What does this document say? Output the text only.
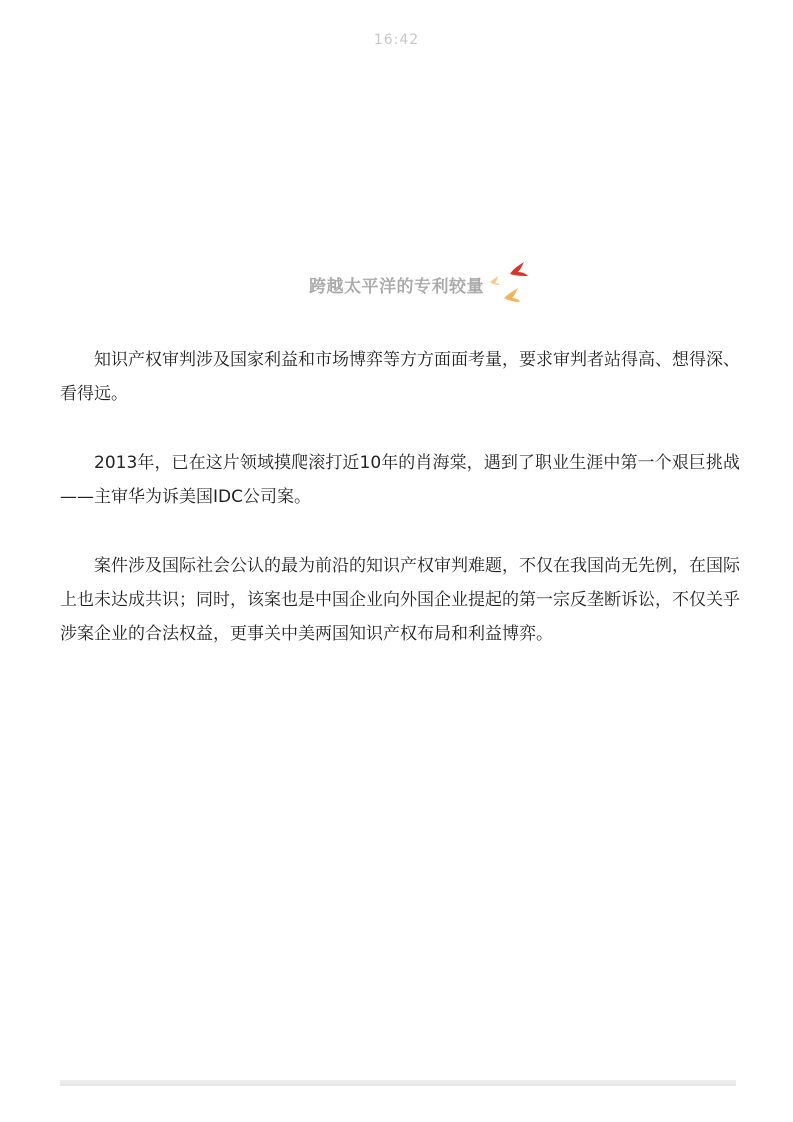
16:42
跨越太平洋的专利较量

知识产权审判涉及国家利益和市场博弈等方方面面考量，要求审判者站得高、想得深、看得远。

2013年，已在这片领域摸爬滚打近10年的肖海棠，遇到了职业生涯中第一个艰巨挑战——主审华为诉美国IDC公司案。

案件涉及国际社会公认的最为前沿的知识产权审判难题，不仅在我国尚无先例，在国际上也未达成共识；同时，该案也是中国企业向外国企业提起的第一宗反垄断诉讼，不仅关乎涉案企业的合法权益，更事关中美两国知识产权布局和利益博弈。
